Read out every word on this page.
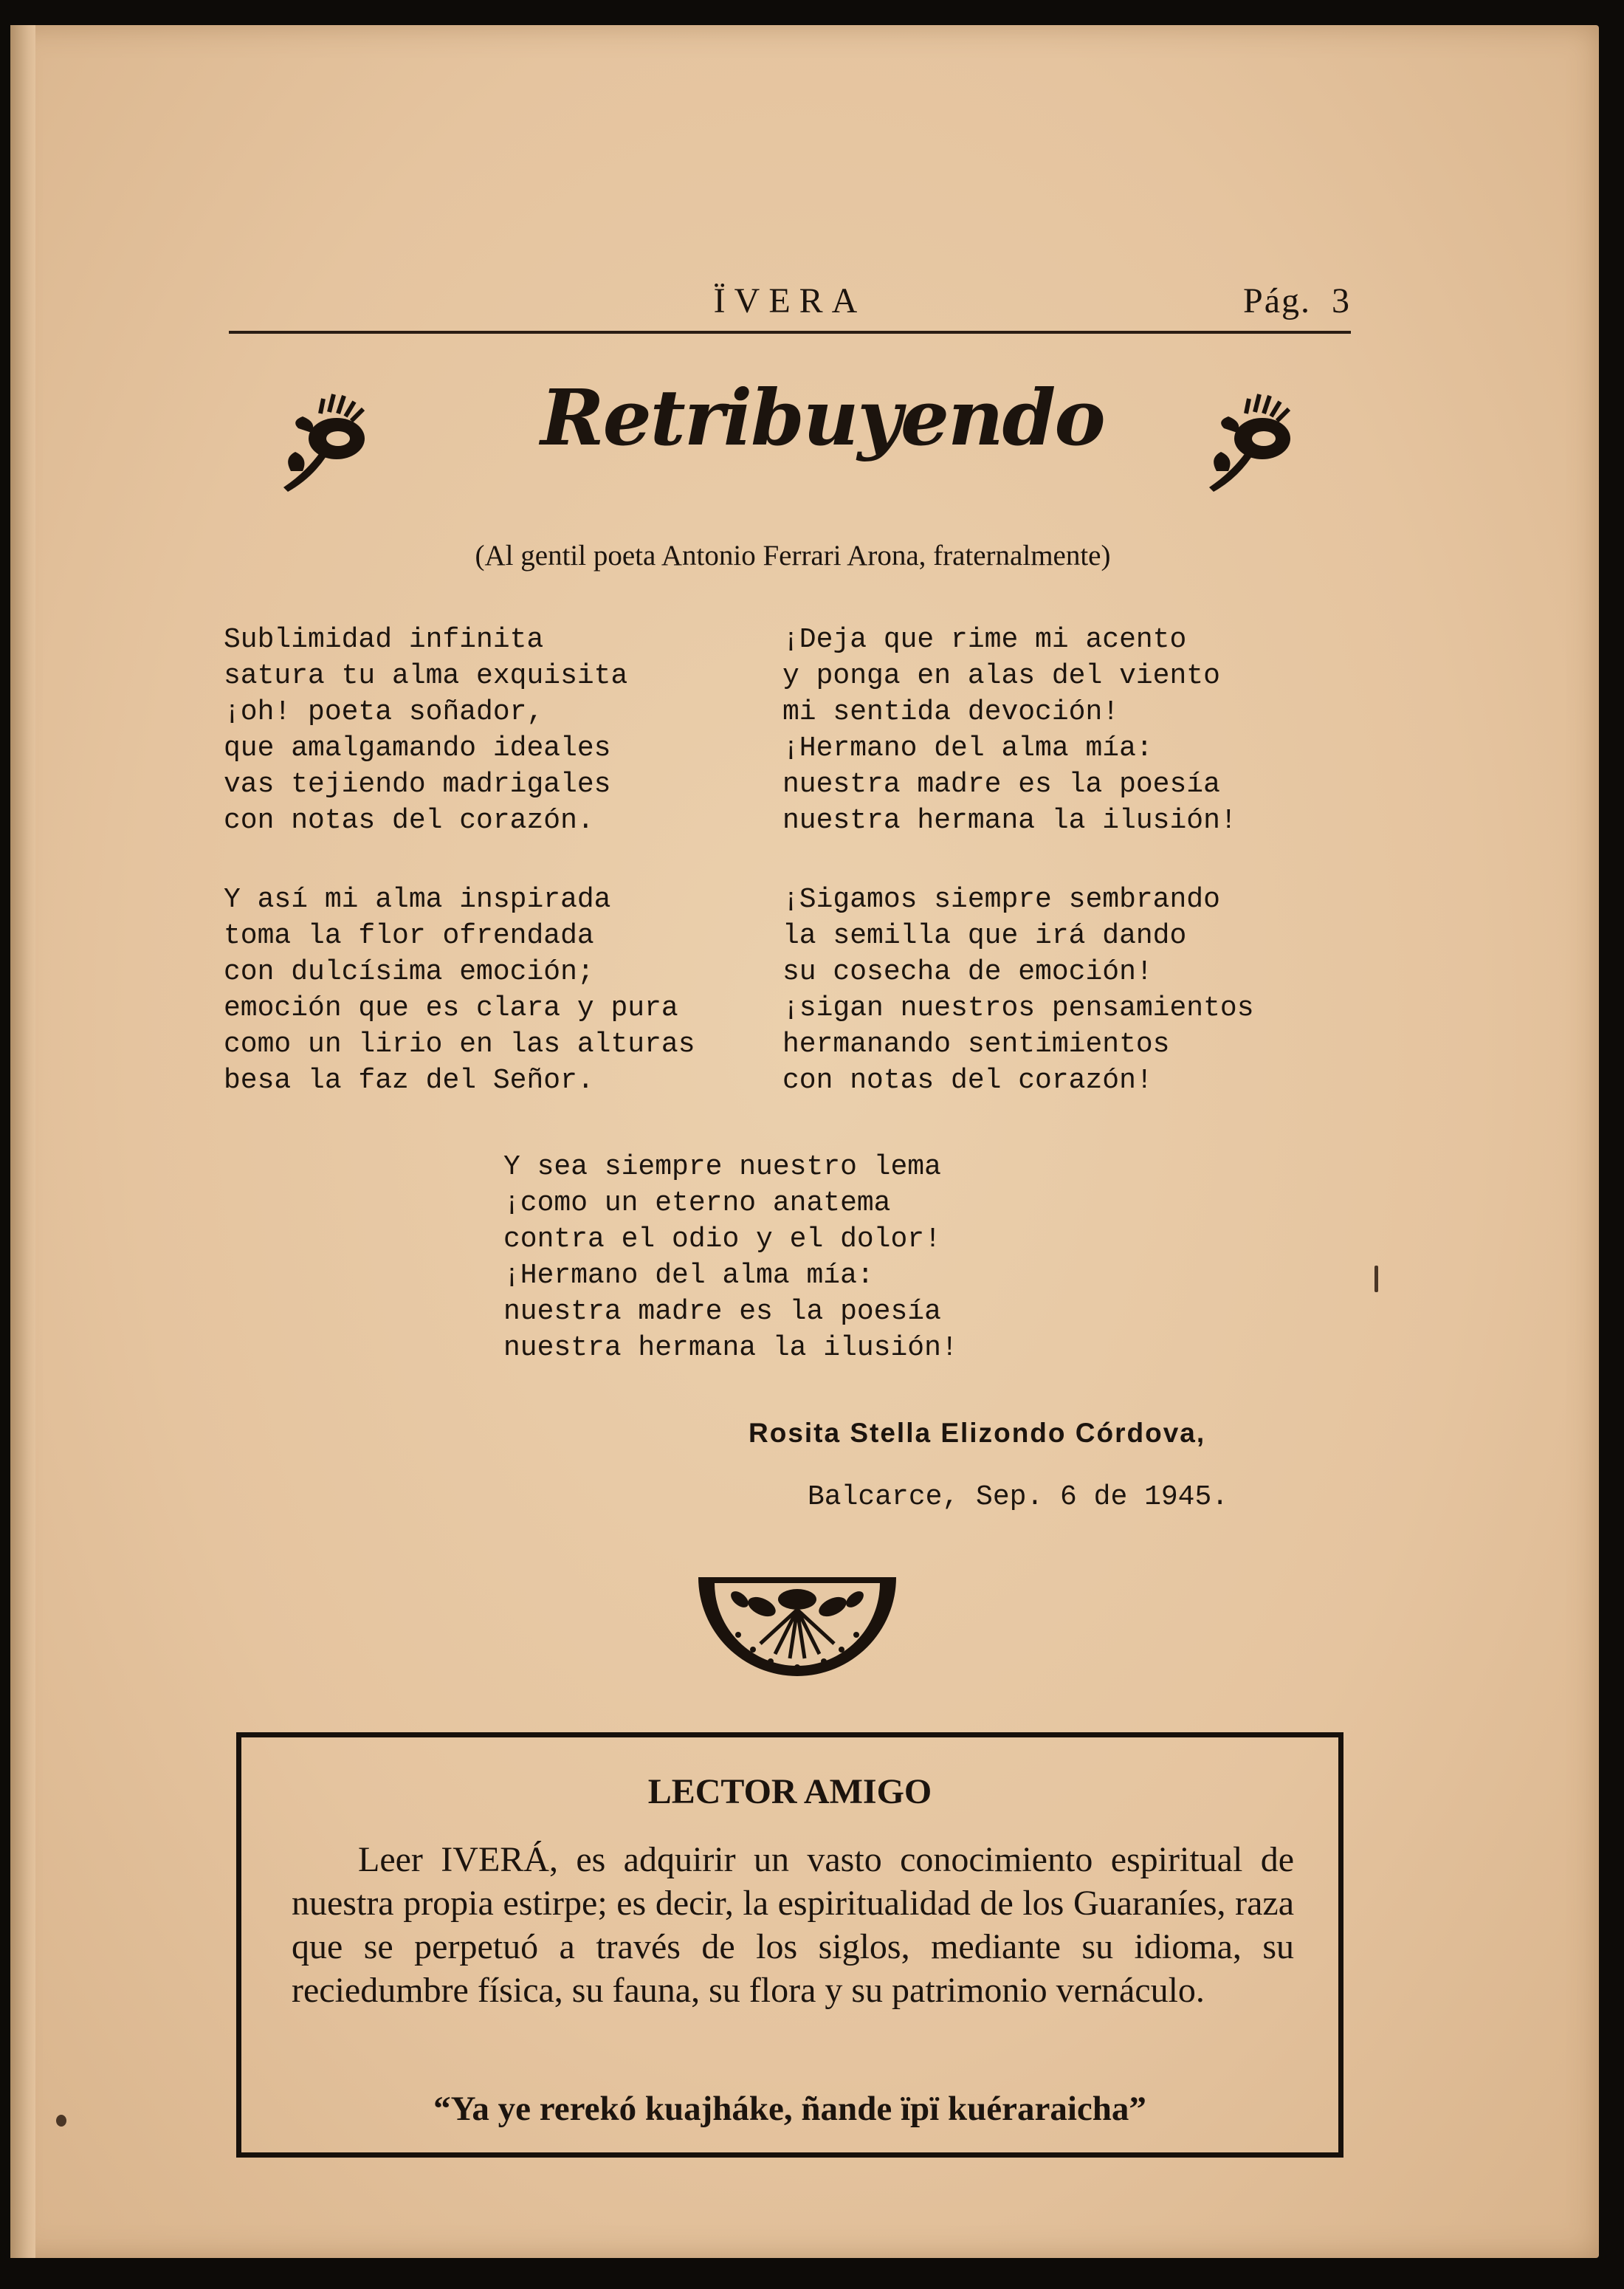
ÏVERA	Pág. 3
Retribuyendo
(Al gentil poeta Antonio Ferrari Arona, fraternalmente)
Sublimidad infinita
satura tu alma exquisita
¡oh! poeta soñador,
que amalgamando ideales
vas tejiendo madrigales
con notas del corazón.
¡Deja que rime mi acento
y ponga en alas del viento
mi sentida devoción!
¡Hermano del alma mía:
nuestra madre es la poesía
nuestra hermana la ilusión!
Y así mi alma inspirada
toma la flor ofrendada
con dulcísima emoción;
emoción que es clara y pura
como un lirio en las alturas
besa la faz del Señor.
¡Sigamos siempre sembrando
la semilla que irá dando
su cosecha de emoción!
¡sigan nuestros pensamientos
hermanando sentimientos
con notas del corazón!
Y sea siempre nuestro lema
¡como un eterno anatema
contra el odio y el dolor!
¡Hermano del alma mía:
nuestra madre es la poesía
nuestra hermana la ilusión!
Rosita Stella Elizondo Córdova,
Balcarce, Sep. 6 de 1945.
LECTOR AMIGO
Leer IVERÁ, es adquirir un vasto conocimiento espiritual de nuestra propia estirpe; es decir, la espiritualidad de los Guaraníes, raza que se perpetuó a través de los siglos, mediante su idioma, su reciedumbre física, su fauna, su flora y su patrimonio vernáculo.
“Ya ye rerekó kuajháke, ñande ïpï kuéraraicha”
